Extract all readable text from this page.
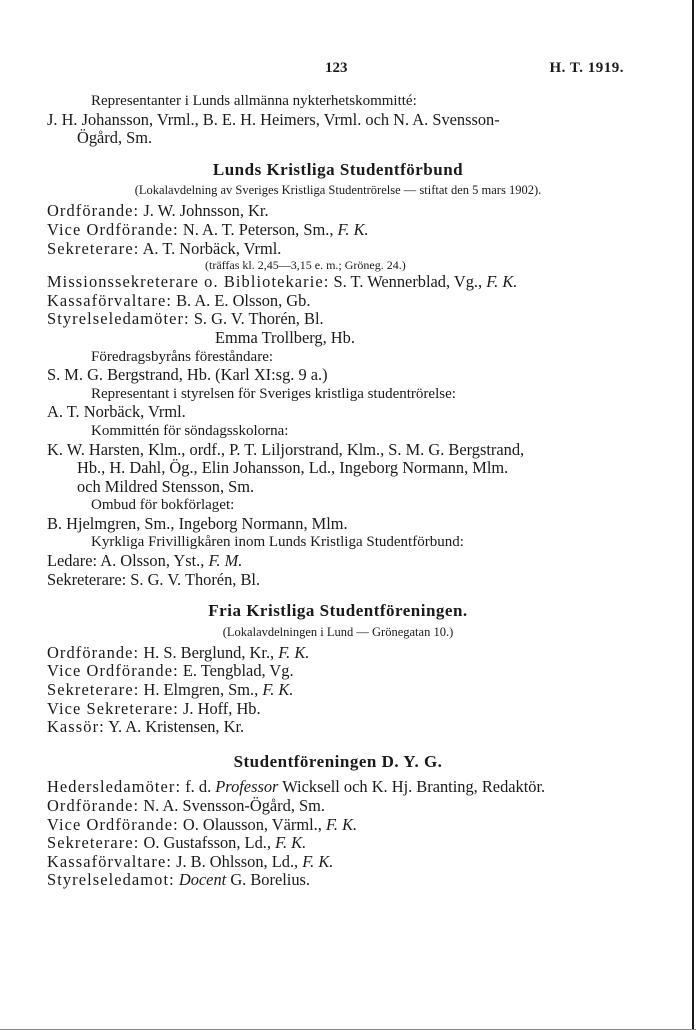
123	H. T. 1919.
Representanter i Lunds allmänna nykterhetskommitté:
J. H. Johansson, Vrml., B. E. H. Heimers, Vrml. och N. A. Svensson-
Ögård, Sm.
Lunds Kristliga Studentförbund
(Lokalavdelning av Sveriges Kristliga Studentrörelse — stiftat den 5 mars 1902).
Ordförande: J. W. Johnsson, Kr.
Vice Ordförande: N. A. T. Peterson, Sm., F. K.
Sekreterare: A. T. Norbäck, Vrml.
(träffas kl. 2,45—3,15 e. m.; Gröneg. 24.)
Missionssekreterare o. Bibliotekarie: S. T. Wennerblad, Vg., F. K.
Kassaförvaltare: B. A. E. Olsson, Gb.
Styrelseledamöter: S. G. V. Thorén, Bl.
Emma Trollberg, Hb.
Föredragsbyråns föreståndare:
S. M. G. Bergstrand, Hb. (Karl XI:sg. 9 a.)
Representant i styrelsen för Sveriges kristliga studentrörelse:
A. T. Norbäck, Vrml.
Kommittén för söndagsskolorna:
K. W. Harsten, Klm., ordf., P. T. Liljorstrand, Klm., S. M. G. Bergstrand,
Hb., H. Dahl, Ög., Elin Johansson, Ld., Ingeborg Normann, Mlm.
och Mildred Stensson, Sm.
Ombud för bokförlaget:
B. Hjelmgren, Sm., Ingeborg Normann, Mlm.
Kyrkliga Frivilligkåren inom Lunds Kristliga Studentförbund:
Ledare: A. Olsson, Yst., F. M.
Sekreterare: S. G. V. Thorén, Bl.
Fria Kristliga Studentföreningen.
(Lokalavdelningen i Lund — Grönegatan 10.)
Ordförande: H. S. Berglund, Kr., F. K.
Vice Ordförande: E. Tengblad, Vg.
Sekreterare: H. Elmgren, Sm., F. K.
Vice Sekreterare: J. Hoff, Hb.
Kassör: Y. A. Kristensen, Kr.
Studentföreningen D. Y. G.
Hedersledamöter: f. d. Professor Wicksell och K. Hj. Branting, Redaktör.
Ordförande: N. A. Svensson-Ögård, Sm.
Vice Ordförande: O. Olausson, Värml., F. K.
Sekreterare: O. Gustafsson, Ld., F. K.
Kassaförvaltare: J. B. Ohlsson, Ld., F. K.
Styrelseledamot: Docent G. Borelius.
